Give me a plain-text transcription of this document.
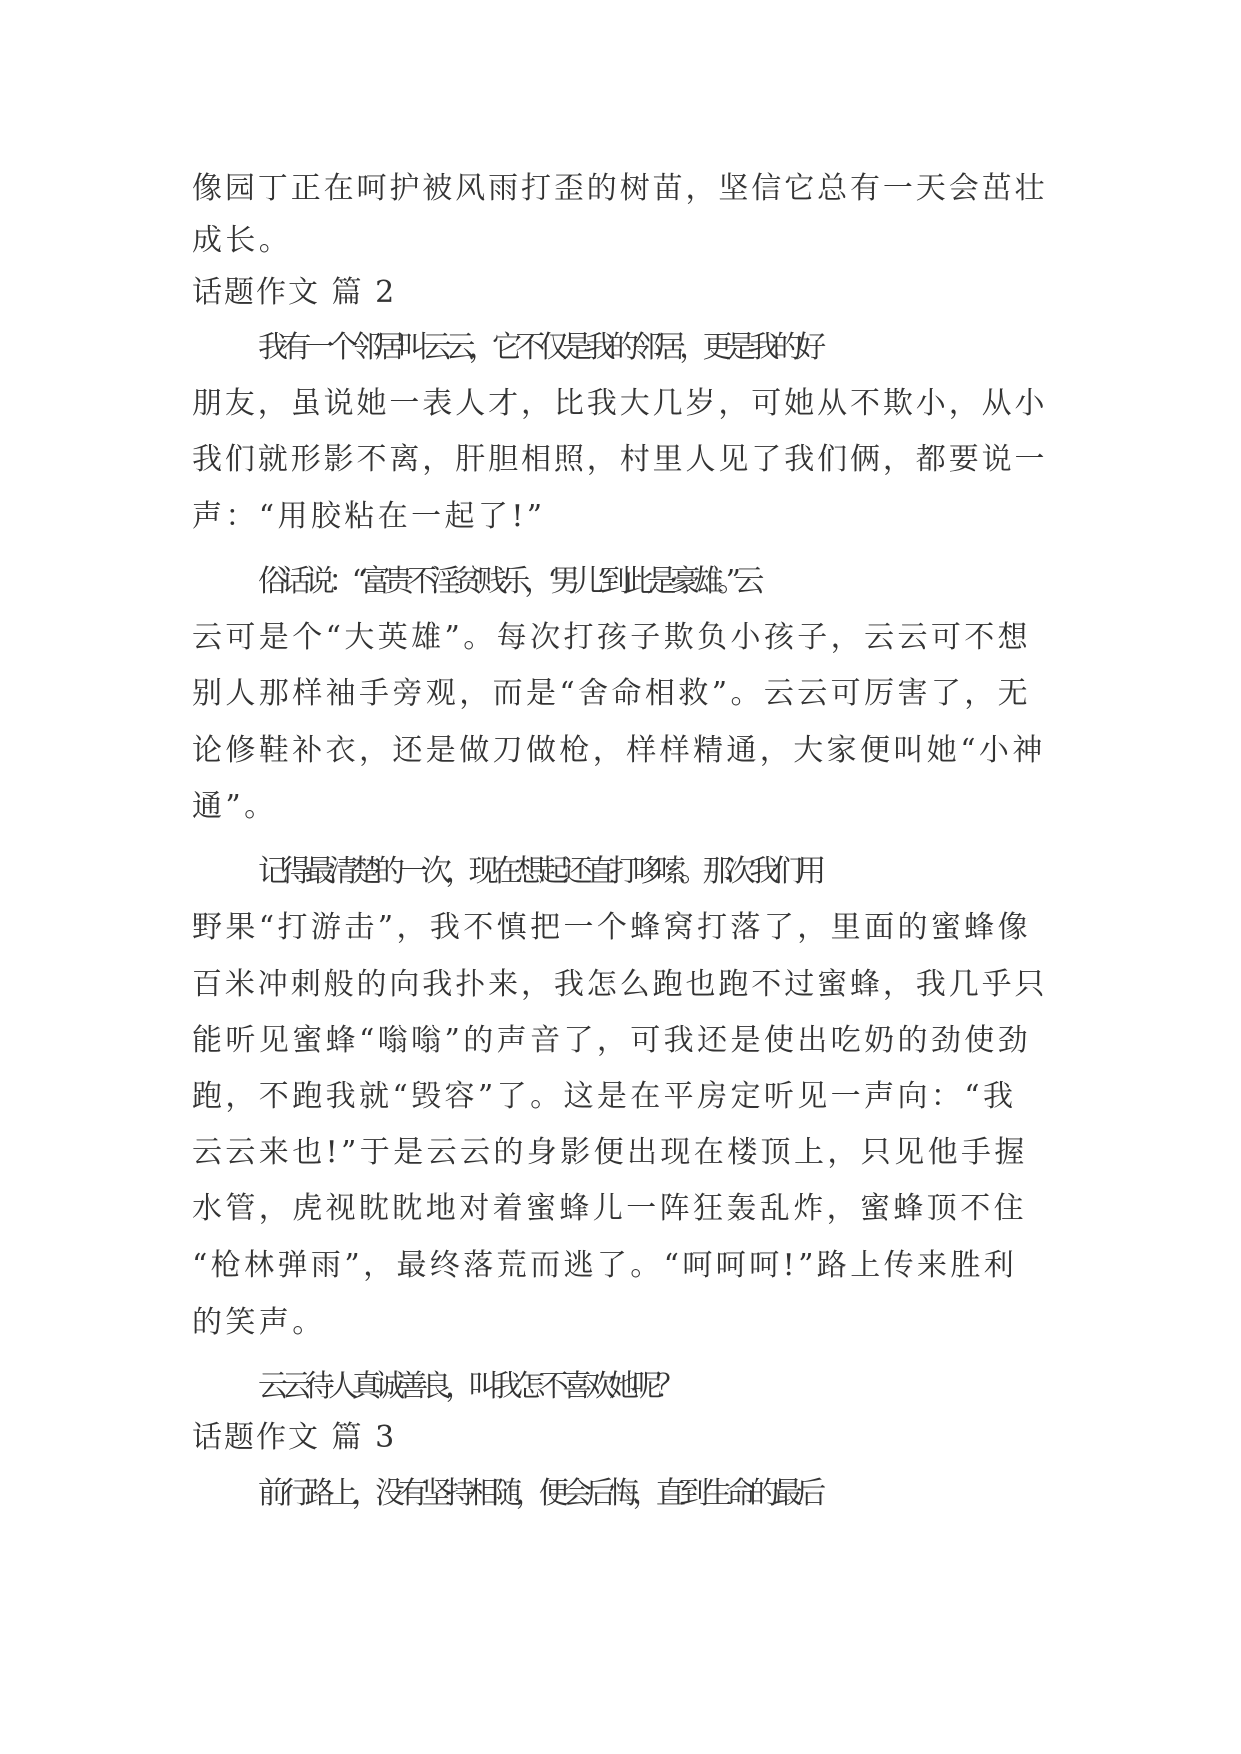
像园丁正在呵护被风雨打歪的树苗，坚信它总有一天会茁壮
成长。
话题作文 篇 2
我有一个邻居叫云云，它不仅是我的邻居，更是我的好
朋友，虽说她一表人才，比我大几岁，可她从不欺小，从小
我们就形影不离，肝胆相照，村里人见了我们俩，都要说一
声：“用胶粘在一起了!”
俗话说：“富贵不淫贫贱乐，‘男儿’到此是豪雄。”云
云可是个“大英雄”。每次打孩子欺负小孩子，云云可不想
别人那样袖手旁观，而是“舍命相救”。云云可厉害了，无
论修鞋补衣，还是做刀做枪，样样精通，大家便叫她“小神
通”。
记得最清楚的一次，现在想起还直打哆嗦。那次我们用
野果“打游击”，我不慎把一个蜂窝打落了，里面的蜜蜂像
百米冲刺般的向我扑来，我怎么跑也跑不过蜜蜂，我几乎只
能听见蜜蜂“嗡嗡”的声音了，可我还是使出吃奶的劲使劲
跑，不跑我就“毁容”了。这是在平房定听见一声向：“我
云云来也!”于是云云的身影便出现在楼顶上，只见他手握
水管，虎视眈眈地对着蜜蜂儿一阵狂轰乱炸，蜜蜂顶不住
“枪林弹雨”，最终落荒而逃了。“呵呵呵!”路上传来胜利
的笑声。
云云待人真诚善良，叫我怎不喜欢她呢？
话题作文 篇 3
前行路上，没有坚持相随，便会后悔，直到生命的最后
